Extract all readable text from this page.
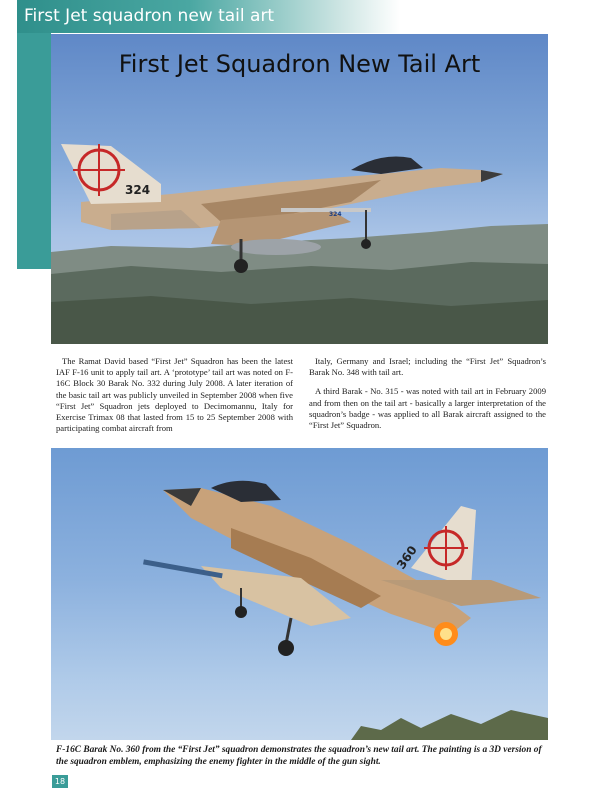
First Jet squadron new tail art
324
324
First Jet Squadron New Tail Art

The Ramat David based “First Jet” Squadron has been the latest IAF F-16 unit to apply tail art. A ‘prototype’ tail art was noted on F-16C Block 30 Barak No. 332 during July 2008. A later iteration of the basic tail art was publicly unveiled in September 2008 when five “First Jet” Squadron jets deployed to Decimomannu, Italy for Exercise Trimax 08 that lasted from 15 to 25 September 2008 with participating combat aircraft from

Italy, Germany and Israel; including the “First Jet” Squadron’s Barak No. 348 with tail art.

A third Barak - No. 315 - was noted with tail art in February 2009 and from then on the tail art - basically a larger interpretation of the squadron’s badge - was applied to all Barak aircraft assigned to the “First Jet” Squadron.

360
F-16C Barak No. 360 from the “First Jet” squadron demonstrates the squadron’s new tail art. The painting is a 3D version of the squadron emblem, emphasizing the enemy fighter in the middle of the gun sight.
18
